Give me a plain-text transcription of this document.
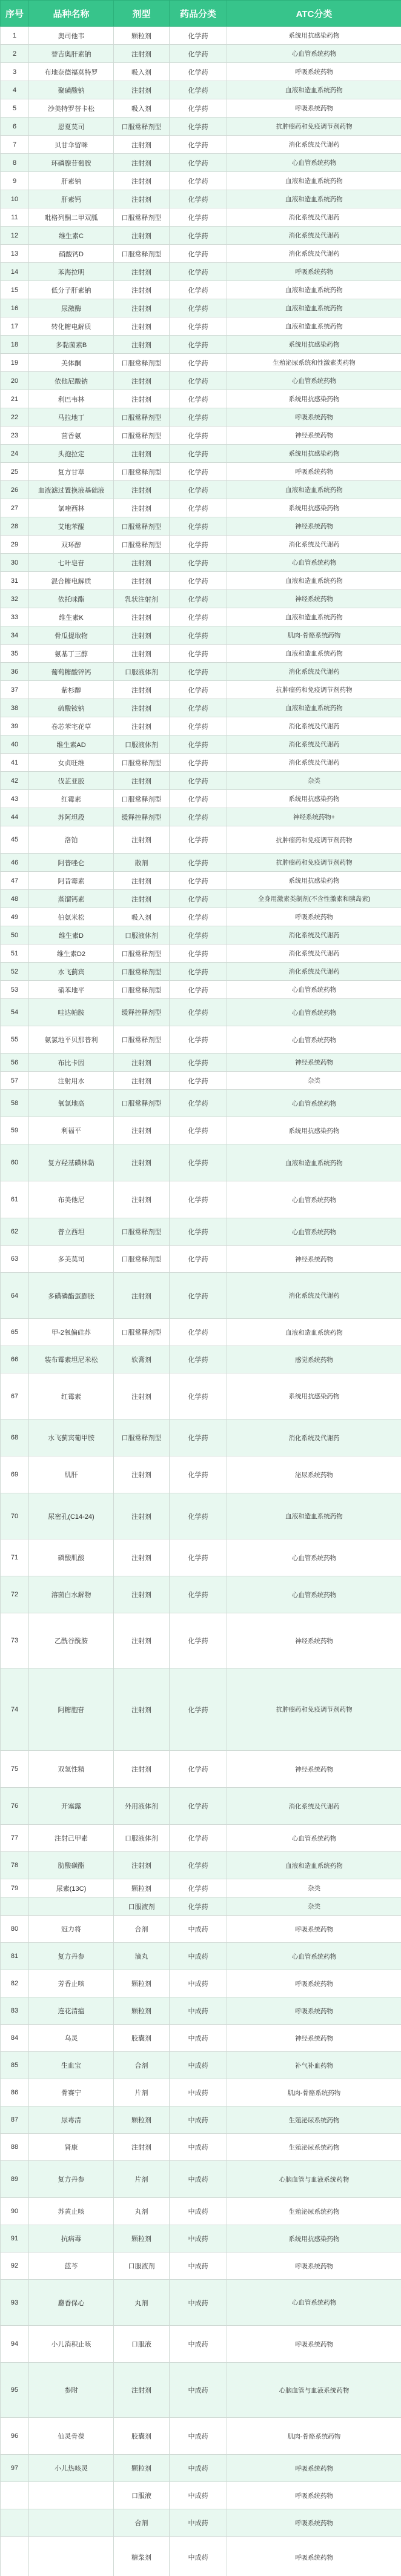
序号	品种名称	剂型	药品分类	ATC分类
1	奥司他韦	颗粒剂	化学药	系统用抗感染药物
2	替吉奥肝素钠	注射剂	化学药	心血管系统药物
3	布地奈德福莫特罗	吸入剂	化学药	呼吸系统药物
4	聚磺酸钠	注射剂	化学药	血液和造血系统药物
5	沙美特罗替卡松	吸入剂	化学药	呼吸系统药物
6	恩夏莫司	口服常释剂型	化学药	抗肿瘤药和免疫调节剂药物
7	贝甘伞留咪	注射剂	化学药	消化系统及代谢药
8	环磷腺苷葡胺	注射剂	化学药	心血管系统药物
9	肝素钠	注射剂	化学药	血液和造血系统药物
10	肝素钙	注射剂	化学药	血液和造血系统药物
11	吡格列酮二甲双胍	口服常释剂型	化学药	消化系统及代谢药
12	维生素C	注射剂	化学药	消化系统及代谢药
13	硝酸钙D	口服常释剂型	化学药	消化系统及代谢药
14	苯海拉明	注射剂	化学药	呼吸系统药物
15	低分子肝素钠	注射剂	化学药	血液和造血系统药物
16	尿激酶	注射剂	化学药	血液和造血系统药物
17	转化糖电解质	注射剂	化学药	血液和造血系统药物
18	多黏菌素B	注射剂	化学药	系统用抗感染药物
19	美体酮	口服常释剂型	化学药	生殖泌尿系统和性激素类药物
20	依他尼酸钠	注射剂	化学药	心血管系统药物
21	利巴韦林	注射剂	化学药	系统用抗感染药物
22	马拉地丁	口服常释剂型	化学药	呼吸系统药物
23	茴香氨	口服常释剂型	化学药	神经系统药物
24	头孢拉定	注射剂	化学药	系统用抗感染药物
25	复方甘草	口服常释剂型	化学药	呼吸系统药物
26	血液滤过置换液基础液	注射剂	化学药	血液和造血系统药物
27	氯喹西林	注射剂	化学药	系统用抗感染药物
28	艾地苯醌	口服常释剂型	化学药	神经系统药物
29	双环醇	口服常释剂型	化学药	消化系统及代谢药
30	七叶皂苷	注射剂	化学药	心血管系统药物
31	混合糖电解质	注射剂	化学药	血液和造血系统药物
32	依托咪酯	乳状注射剂	化学药	神经系统药物
33	维生素K	注射剂	化学药	血液和造血系统药物
34	骨瓜提取物	注射剂	化学药	肌肉-骨骼系统药物
35	氨基丁三醇	注射剂	化学药	血液和造血系统药物
36	葡萄糖酸锌钙	口服液体剂	化学药	消化系统及代谢药
37	紫杉醇	注射剂	化学药	抗肿瘤药和免疫调节剂药物
38	硫酸铵钠	注射剂	化学药	血液和造血系统药物
39	卷芯苯宅花草	注射剂	化学药	消化系统及代谢药
40	维生素AD	口服液体剂	化学药	消化系统及代谢药
41	女贞旺维	口服常释剂型	化学药	消化系统及代谢药
42	伐芷亚胶	注射剂	化学药	杂类
43	红霉素	口服常释剂型	化学药	系统用抗感染药物
44	苏阿坦段	缓释控释剂型	化学药	神经系统药物+
45	洛铂	注射剂	化学药	抗肿瘤药和免疫调节剂药物
46	阿普唑仑	散剂	化学药	抗肿瘤药和免疫调节剂药物
47	阿昔霉素	注射剂	化学药	系统用抗感染药物
48	蒸馏钙素	注射剂	化学药	全身用激素类制剂(不含性激素和胰岛素)
49	伯氨米松	吸入剂	化学药	呼吸系统药物
50	维生素D	口服液体剂	化学药	消化系统及代谢药
51	维生素D2	口服常释剂型	化学药	消化系统及代谢药
52	水飞蓟宾	口服常释剂型	化学药	消化系统及代谢药
53	硝苯地平	口服常释剂型	化学药	心血管系统药物
54	哇达帕胺	缓释控释剂型	化学药	心血管系统药物
55	氨氯地平贝那普利	口服常释剂型	化学药	心血管系统药物
56	布比卡因	注射剂	化学药	神经系统药物
57	注射用水	注射剂	化学药	杂类
58	氧氯地高	口服常释剂型	化学药	心血管系统药物
59	利福平	注射剂	化学药	系统用抗感染药物
60	复方羟基磺林黏	注射剂	化学药	血液和造血系统药物
61	布美他尼	注射剂	化学药	心血管系统药物
62	普立西坦	口服常释剂型	化学药	心血管系统药物
63	多美莫司	口服常释剂型	化学药	神经系统药物
64	多磺磷酯蛋膨胀	注射剂	化学药	消化系统及代谢药
65	甲-2氧偏硅苏	口服常释剂型	化学药	血液和造血系统药物
66	装布霉素坦尼米松	软膏剂	化学药	感觉系统药物
67	红霉素	注射剂	化学药	系统用抗感染药物
68	水飞蓟宾葡甲胺	口服常释剂型	化学药	消化系统及代谢药
69	肌肝	注射剂	化学药	泌尿系统药物
70	尿密孔(C14-24)	注射剂	化学药	血液和造血系统药物
71	磷酸肌酸	注射剂	化学药	心血管系统药物
72	溶菌白水解物	注射剂	化学药	心血管系统药物
73	乙酰谷酰胺	注射剂	化学药	神经系统药物
74	阿糖胞苷	注射剂	化学药	抗肿瘤药和免疫调节剂药物
75	双氢性精	注射剂	化学药	神经系统药物
76	开塞露	外用液体剂	化学药	消化系统及代谢药
77	注射己甲素	口服液体剂	化学药	心血管系统药物
78	肋酸磺酯	注射剂	化学药	血液和造血系统药物
79	尿素(13C)	颗粒剂	化学药	杂类
		口服液剂	化学药	杂类
80	冠力将	合剂	中成药	呼吸系统药物
81	复方丹参	滴丸	中成药	心血管系统药物
82	芳香止咳	颗粒剂	中成药	呼吸系统药物
83	连花清瘟	颗粒剂	中成药	呼吸系统药物
84	乌灵	胶囊剂	中成药	神经系统药物
85	生血宝	合剂	中成药	补气补血药物
86	骨赛宁	片剂	中成药	肌肉-骨骼系统药物
87	尿毒清	颗粒剂	中成药	生殖泌尿系统药物
88	肾康	注射剂	中成药	生殖泌尿系统药物
89	复方丹参	片剂	中成药	心脑血管与血液系统药物
90	苏黄止咳	丸剂	中成药	生殖泌尿系统药物
91	抗病毒	颗粒剂	中成药	系统用抗感染药物
92	蓝芩	口服液剂	中成药	呼吸系统药物
93	麝香保心	丸剂	中成药	心血管系统药物
94	小儿消积止咳	口服液	中成药	呼吸系统药物
95	参附	注射剂	中成药	心脑血管与血液系统药物
96	仙灵骨葆	胶囊剂	中成药	肌肉-骨骼系统药物
97	小儿热咳灵	颗粒剂	中成药	呼吸系统药物
		口服液	中成药	呼吸系统药物
		合剂	中成药	呼吸系统药物
		糖浆剂	中成药	呼吸系统药物
